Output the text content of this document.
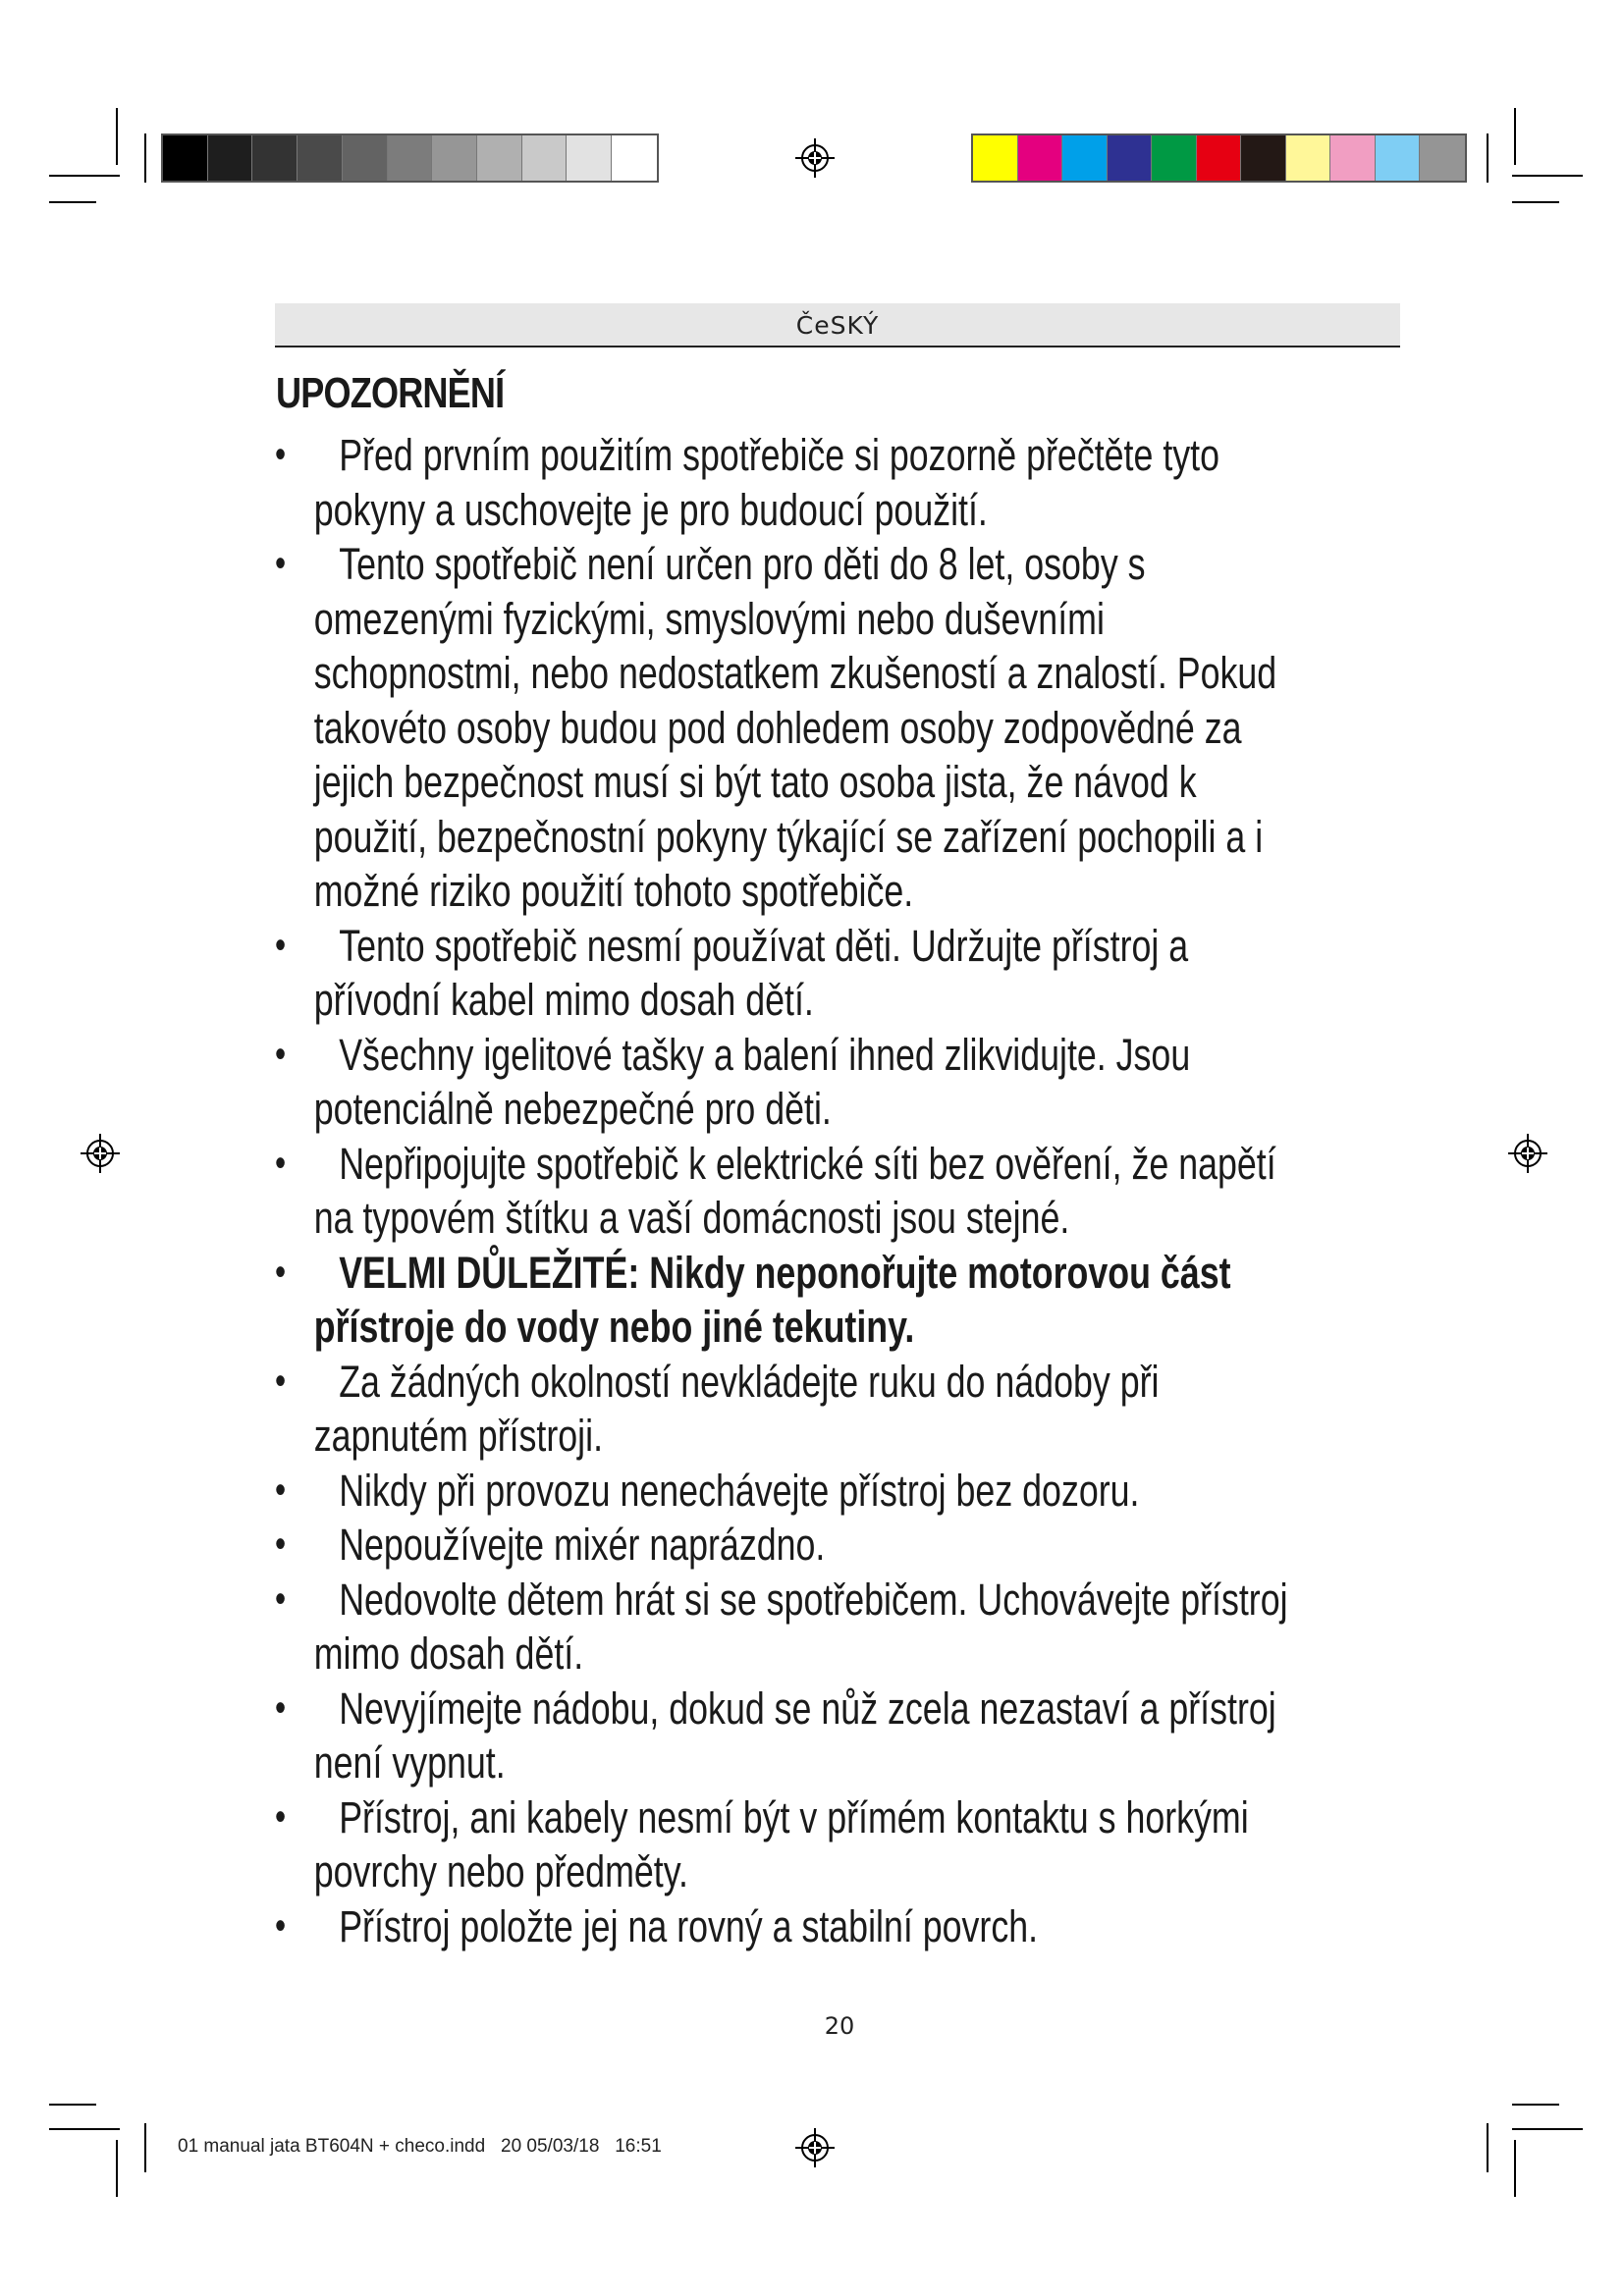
ČeSKÝ
UPOZORNĚNÍ
•	Před prvním použitím spotřebiče si pozorně přečtěte tyto pokyny a uschovejte je pro budoucí použití.
•	Tento spotřebič není určen pro děti do 8 let, osoby s omezenými fyzickými, smyslovými nebo duševními schopnostmi, nebo nedostatkem zkušeností a znalostí. Pokud takovéto osoby budou pod dohledem osoby zodpovědné za jejich bezpečnost musí si být tato osoba jista, že návod k použití, bezpečnostní pokyny týkající se zařízení pochopili a i možné riziko použití tohoto spotřebiče.
•	Tento spotřebič nesmí používat děti. Udržujte přístroj a přívodní kabel mimo dosah dětí.
•	Všechny igelitové tašky a balení ihned zlikvidujte. Jsou potenciálně nebezpečné pro děti.
•	Nepřipojujte spotřebič k elektrické síti bez ověření, že napětí na typovém štítku a vaší domácnosti jsou stejné.
•	VELMI DŮLEŽITÉ: Nikdy neponořujte motorovou část přístroje do vody nebo jiné tekutiny.
•	Za žádných okolností nevkládejte ruku do nádoby při zapnutém přístroji.
•	Nikdy při provozu nenechávejte přístroj bez dozoru.
•	Nepoužívejte mixér naprázdno.
•	Nedovolte dětem hrát si se spotřebičem. Uchovávejte přístroj mimo dosah dětí.
•	Nevyjímejte nádobu, dokud se nůž zcela nezastaví a přístroj není vypnut.
•	Přístroj, ani kabely nesmí být v přímém kontaktu s horkými povrchy nebo předměty.
•	Přístroj položte jej na rovný a stabilní povrch.
20
01 manual jata BT604N + checo.indd   20 05/03/18   16:51
